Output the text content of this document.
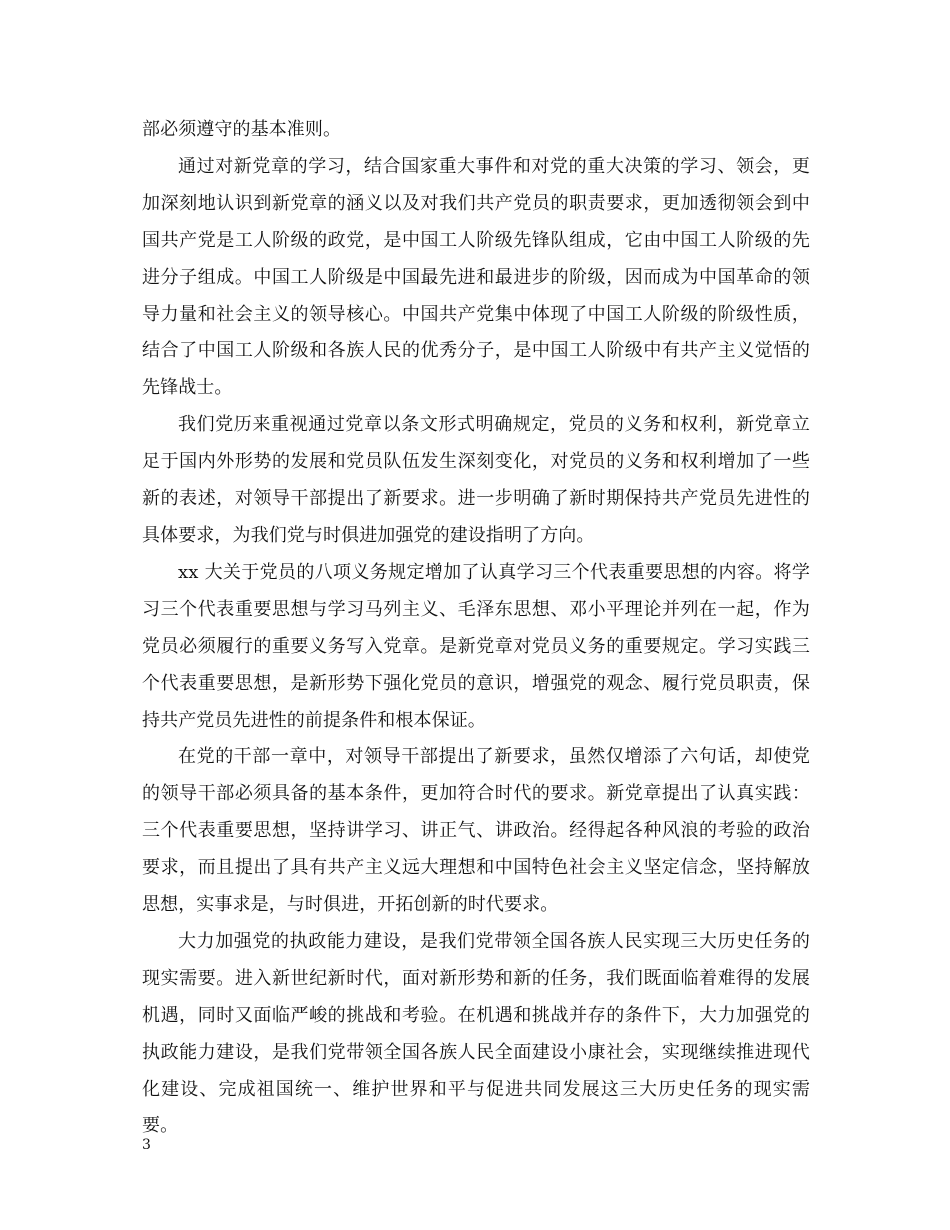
部必须遵守的基本准则。

通过对新党章的学习，结合国家重大事件和对党的重大决策的学习、领会，更加深刻地认识到新党章的涵义以及对我们共产党员的职责要求，更加透彻领会到中国共产党是工人阶级的政党，是中国工人阶级先锋队组成，它由中国工人阶级的先进分子组成。中国工人阶级是中国最先进和最进步的阶级，因而成为中国革命的领导力量和社会主义的领导核心。中国共产党集中体现了中国工人阶级的阶级性质，结合了中国工人阶级和各族人民的优秀分子，是中国工人阶级中有共产主义觉悟的先锋战士。

我们党历来重视通过党章以条文形式明确规定，党员的义务和权利，新党章立足于国内外形势的发展和党员队伍发生深刻变化，对党员的义务和权利增加了一些新的表述，对领导干部提出了新要求。进一步明确了新时期保持共产党员先进性的具体要求，为我们党与时俱进加强党的建设指明了方向。

xx 大关于党员的八项义务规定增加了认真学习三个代表重要思想的内容。将学习三个代表重要思想与学习马列主义、毛泽东思想、邓小平理论并列在一起，作为党员必须履行的重要义务写入党章。是新党章对党员义务的重要规定。学习实践三个代表重要思想，是新形势下强化党员的意识，增强党的观念、履行党员职责，保持共产党员先进性的前提条件和根本保证。

在党的干部一章中，对领导干部提出了新要求，虽然仅增添了六句话，却使党的领导干部必须具备的基本条件，更加符合时代的要求。新党章提出了认真实践：三个代表重要思想，坚持讲学习、讲正气、讲政治。经得起各种风浪的考验的政治要求，而且提出了具有共产主义远大理想和中国特色社会主义坚定信念，坚持解放思想，实事求是，与时俱进，开拓创新的时代要求。

大力加强党的执政能力建设，是我们党带领全国各族人民实现三大历史任务的现实需要。进入新世纪新时代，面对新形势和新的任务，我们既面临着难得的发展机遇，同时又面临严峻的挑战和考验。在机遇和挑战并存的条件下，大力加强党的执政能力建设，是我们党带领全国各族人民全面建设小康社会，实现继续推进现代化建设、完成祖国统一、维护世界和平与促进共同发展这三大历史任务的现实需要。

3
